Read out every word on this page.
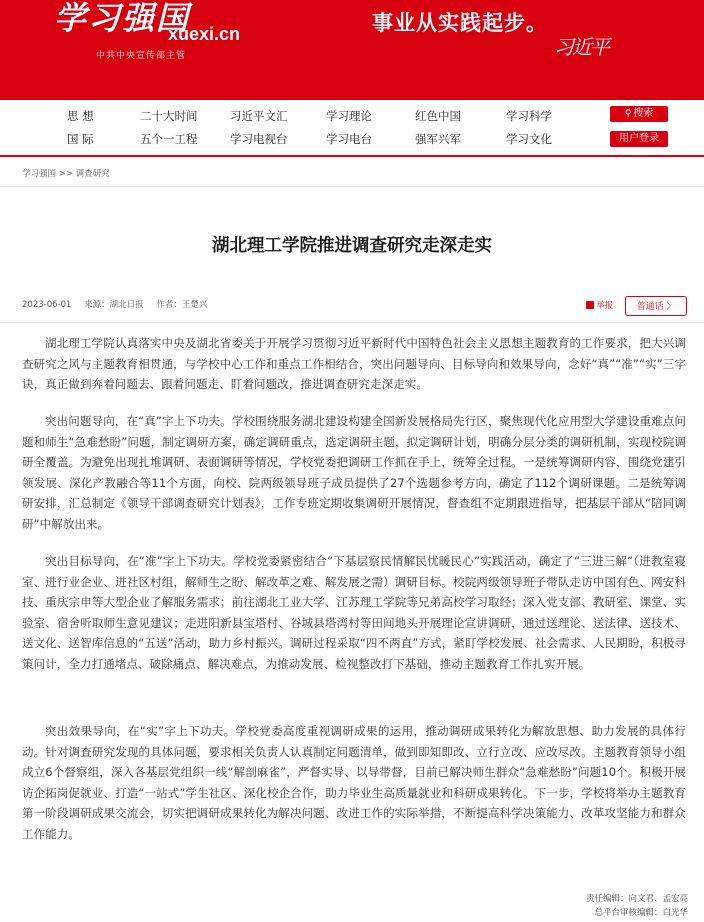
学习强国
xuexi.cn
中共中央宣传部主管
事业从实践起步。
习近平
思 想	二十大时间	习近平文汇	学习理论	红色中国	学习科学
国 际	五个一工程	学习电视台	学习电台	强军兴军	学习文化
⚲ 搜索
用户登录
学习强国 >> 调查研究
湖北理工学院推进调查研究走深走实
2023-06-01 来源：湖北日报 作者：王楚兴	举报	普通话 〉

湖北理工学院认真落实中央及湖北省委关于开展学习贯彻习近平新时代中国特色社会主义思想主题教育的工作要求，把大兴调查研究之风与主题教育相贯通，与学校中心工作和重点工作相结合，突出问题导向、目标导向和效果导向，念好“真”“准”“实”三字诀，真正做到奔着问题去、跟着问题走、盯着问题改，推进调查研究走深走实。

突出问题导向，在“真”字上下功夫。学校围绕服务湖北建设构建全国新发展格局先行区，聚焦现代化应用型大学建设重难点问题和师生“急难愁盼”问题，制定调研方案，确定调研重点，选定调研主题，拟定调研计划，明确分层分类的调研机制，实现校院调研全覆盖。为避免出现扎堆调研、表面调研等情况，学校党委把调研工作抓在手上，统筹全过程。一是统筹调研内容，围绕党建引领发展、深化产教融合等11个方面，向校、院两级领导班子成员提供了27个选题参考方向，确定了112个调研课题。二是统筹调研安排，汇总制定《领导干部调查研究计划表》，工作专班定期收集调研开展情况，督查组不定期跟进指导，把基层干部从“陪同调研”中解放出来。

突出目标导向，在“准”字上下功夫。学校党委紧密结合“下基层察民情解民忧暖民心”实践活动，确定了“三进三解”（进教室寝室、进行业企业、进社区村组，解师生之盼、解改革之难、解发展之需）调研目标。校院两级领导班子带队走访中国有色、网安科技、重庆宗申等大型企业了解服务需求；前往湖北工业大学、江苏理工学院等兄弟高校学习取经；深入党支部、教研室、课堂、实验室、宿舍听取师生意见建议；走进阳新县宝塔村、谷城县塔湾村等田间地头开展理论宣讲调研，通过送理论、送法律、送技术、送文化、送智库信息的“五送”活动，助力乡村振兴。调研过程采取“四不两直”方式，紧盯学校发展、社会需求、人民期盼，积极寻策问计，全力打通堵点、破除痛点、解决难点，为推动发展、检视整改打下基础，推动主题教育工作扎实开展。

突出效果导向，在“实”字上下功夫。学校党委高度重视调研成果的运用，推动调研成果转化为解放思想、助力发展的具体行动。针对调查研究发现的具体问题，要求相关负责人认真制定问题清单，做到即知即改、立行立改、应改尽改。主题教育领导小组成立6个督察组，深入各基层党组织一线“解剖麻雀”，严督实导、以导带督，目前已解决师生群众“急难愁盼”问题10个。积极开展访企拓岗促就业、打造“一站式”学生社区、深化校企合作，助力毕业生高质量就业和科研成果转化。下一步，学校将举办主题教育第一阶段调研成果交流会，切实把调研成果转化为解决问题、改进工作的实际举措，不断提高科学决策能力、改革攻坚能力和群众工作能力。

责任编辑：向文君、孟宏亮
总平台审核编辑：白光华
